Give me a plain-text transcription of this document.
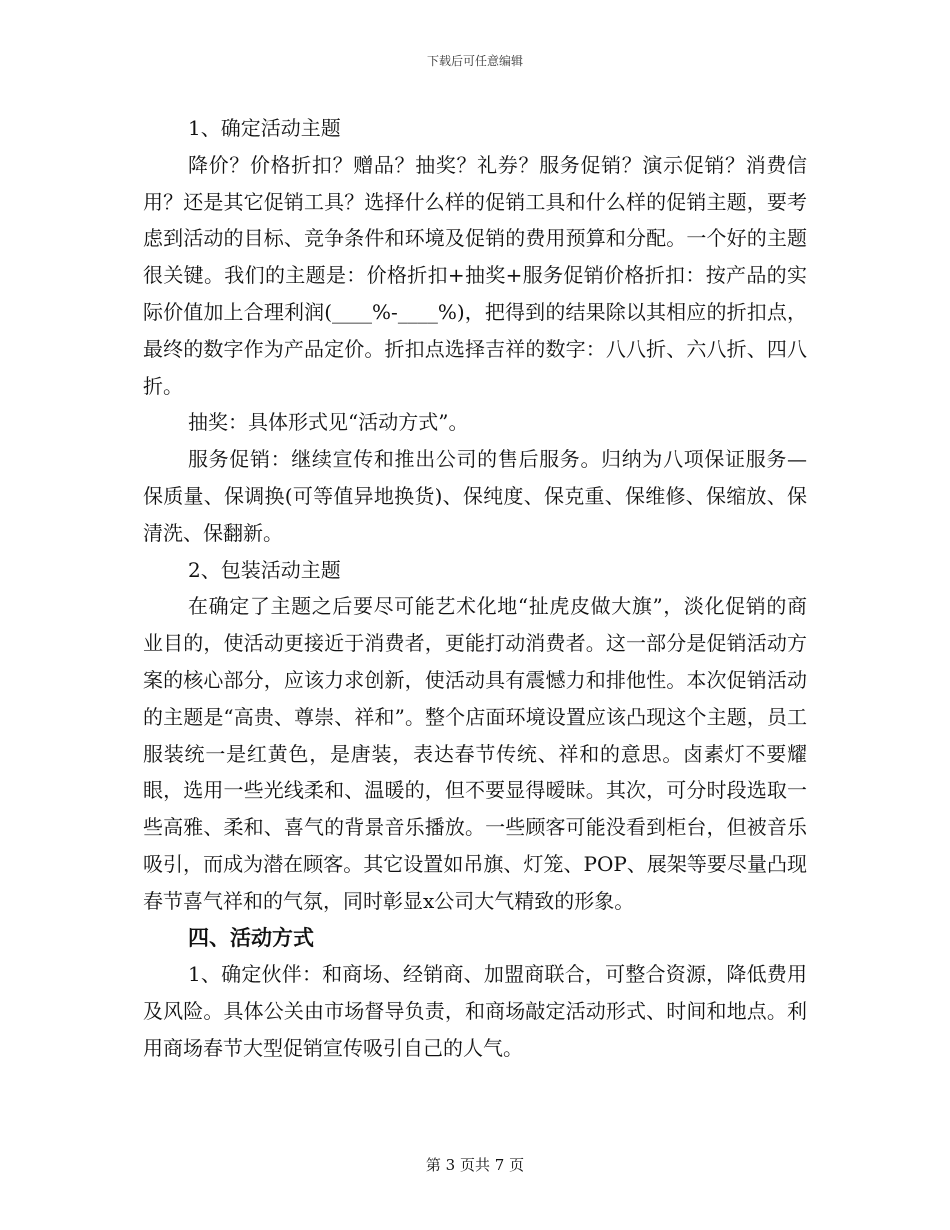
下载后可任意编辑

1、确定活动主题

降价？价格折扣？赠品？抽奖？礼券？服务促销？演示促销？消费信用？还是其它促销工具？选择什么样的促销工具和什么样的促销主题，要考虑到活动的目标、竞争条件和环境及促销的费用预算和分配。一个好的主题很关键。我们的主题是：价格折扣+抽奖+服务促销价格折扣：按产品的实际价值加上合理利润(____%-____%)，把得到的结果除以其相应的折扣点，最终的数字作为产品定价。折扣点选择吉祥的数字：八八折、六八折、四八折。

抽奖：具体形式见“活动方式”。

服务促销：继续宣传和推出公司的售后服务。归纳为八项保证服务—保质量、保调换(可等值异地换货)、保纯度、保克重、保维修、保缩放、保清洗、保翻新。

2、包装活动主题

在确定了主题之后要尽可能艺术化地“扯虎皮做大旗”，淡化促销的商业目的，使活动更接近于消费者，更能打动消费者。这一部分是促销活动方案的核心部分，应该力求创新，使活动具有震憾力和排他性。本次促销活动的主题是“高贵、尊崇、祥和”。整个店面环境设置应该凸现这个主题，员工服装统一是红黄色，是唐装，表达春节传统、祥和的意思。卤素灯不要耀眼，选用一些光线柔和、温暖的，但不要显得暧昧。其次，可分时段选取一些高雅、柔和、喜气的背景音乐播放。一些顾客可能没看到柜台，但被音乐吸引，而成为潜在顾客。其它设置如吊旗、灯笼、POP、展架等要尽量凸现春节喜气祥和的气氛，同时彰显x公司大气精致的形象。

四、活动方式

1、确定伙伴：和商场、经销商、加盟商联合，可整合资源，降低费用及风险。具体公关由市场督导负责，和商场敲定活动形式、时间和地点。利用商场春节大型促销宣传吸引自己的人气。

第 3 页共 7 页
